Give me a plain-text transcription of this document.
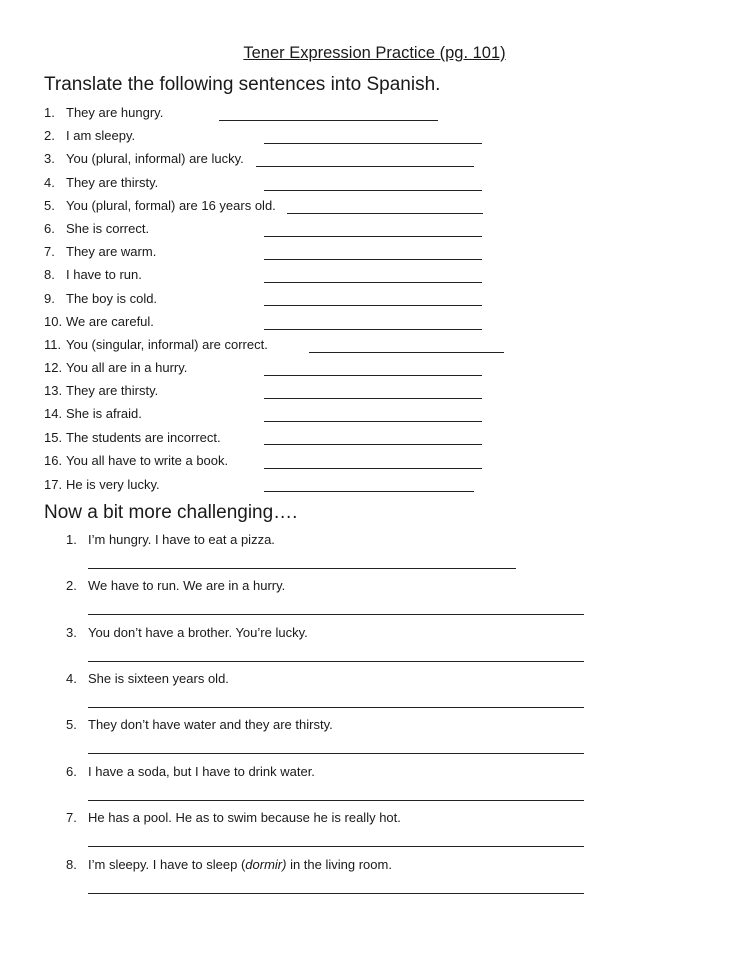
Tener Expression Practice (pg. 101)
Translate the following sentences into Spanish.
1. They are hungry.
2. I am sleepy.
3. You (plural, informal) are lucky.
4. They are thirsty.
5. You (plural, formal) are 16 years old.
6. She is correct.
7. They are warm.
8. I have to run.
9. The boy is cold.
10. We are careful.
11. You (singular, informal) are correct.
12. You all are in a hurry.
13. They are thirsty.
14. She is afraid.
15. The students are incorrect.
16. You all have to write a book.
17. He is very lucky.
Now a bit more challenging….
1. I’m hungry. I have to eat a pizza.
2. We have to run. We are in a hurry.
3. You don’t have a brother. You’re lucky.
4. She is sixteen years old.
5. They don’t have water and they are thirsty.
6. I have a soda, but I have to drink water.
7. He has a pool. He as to swim because he is really hot.
8. I’m sleepy. I have to sleep (dormir) in the living room.
